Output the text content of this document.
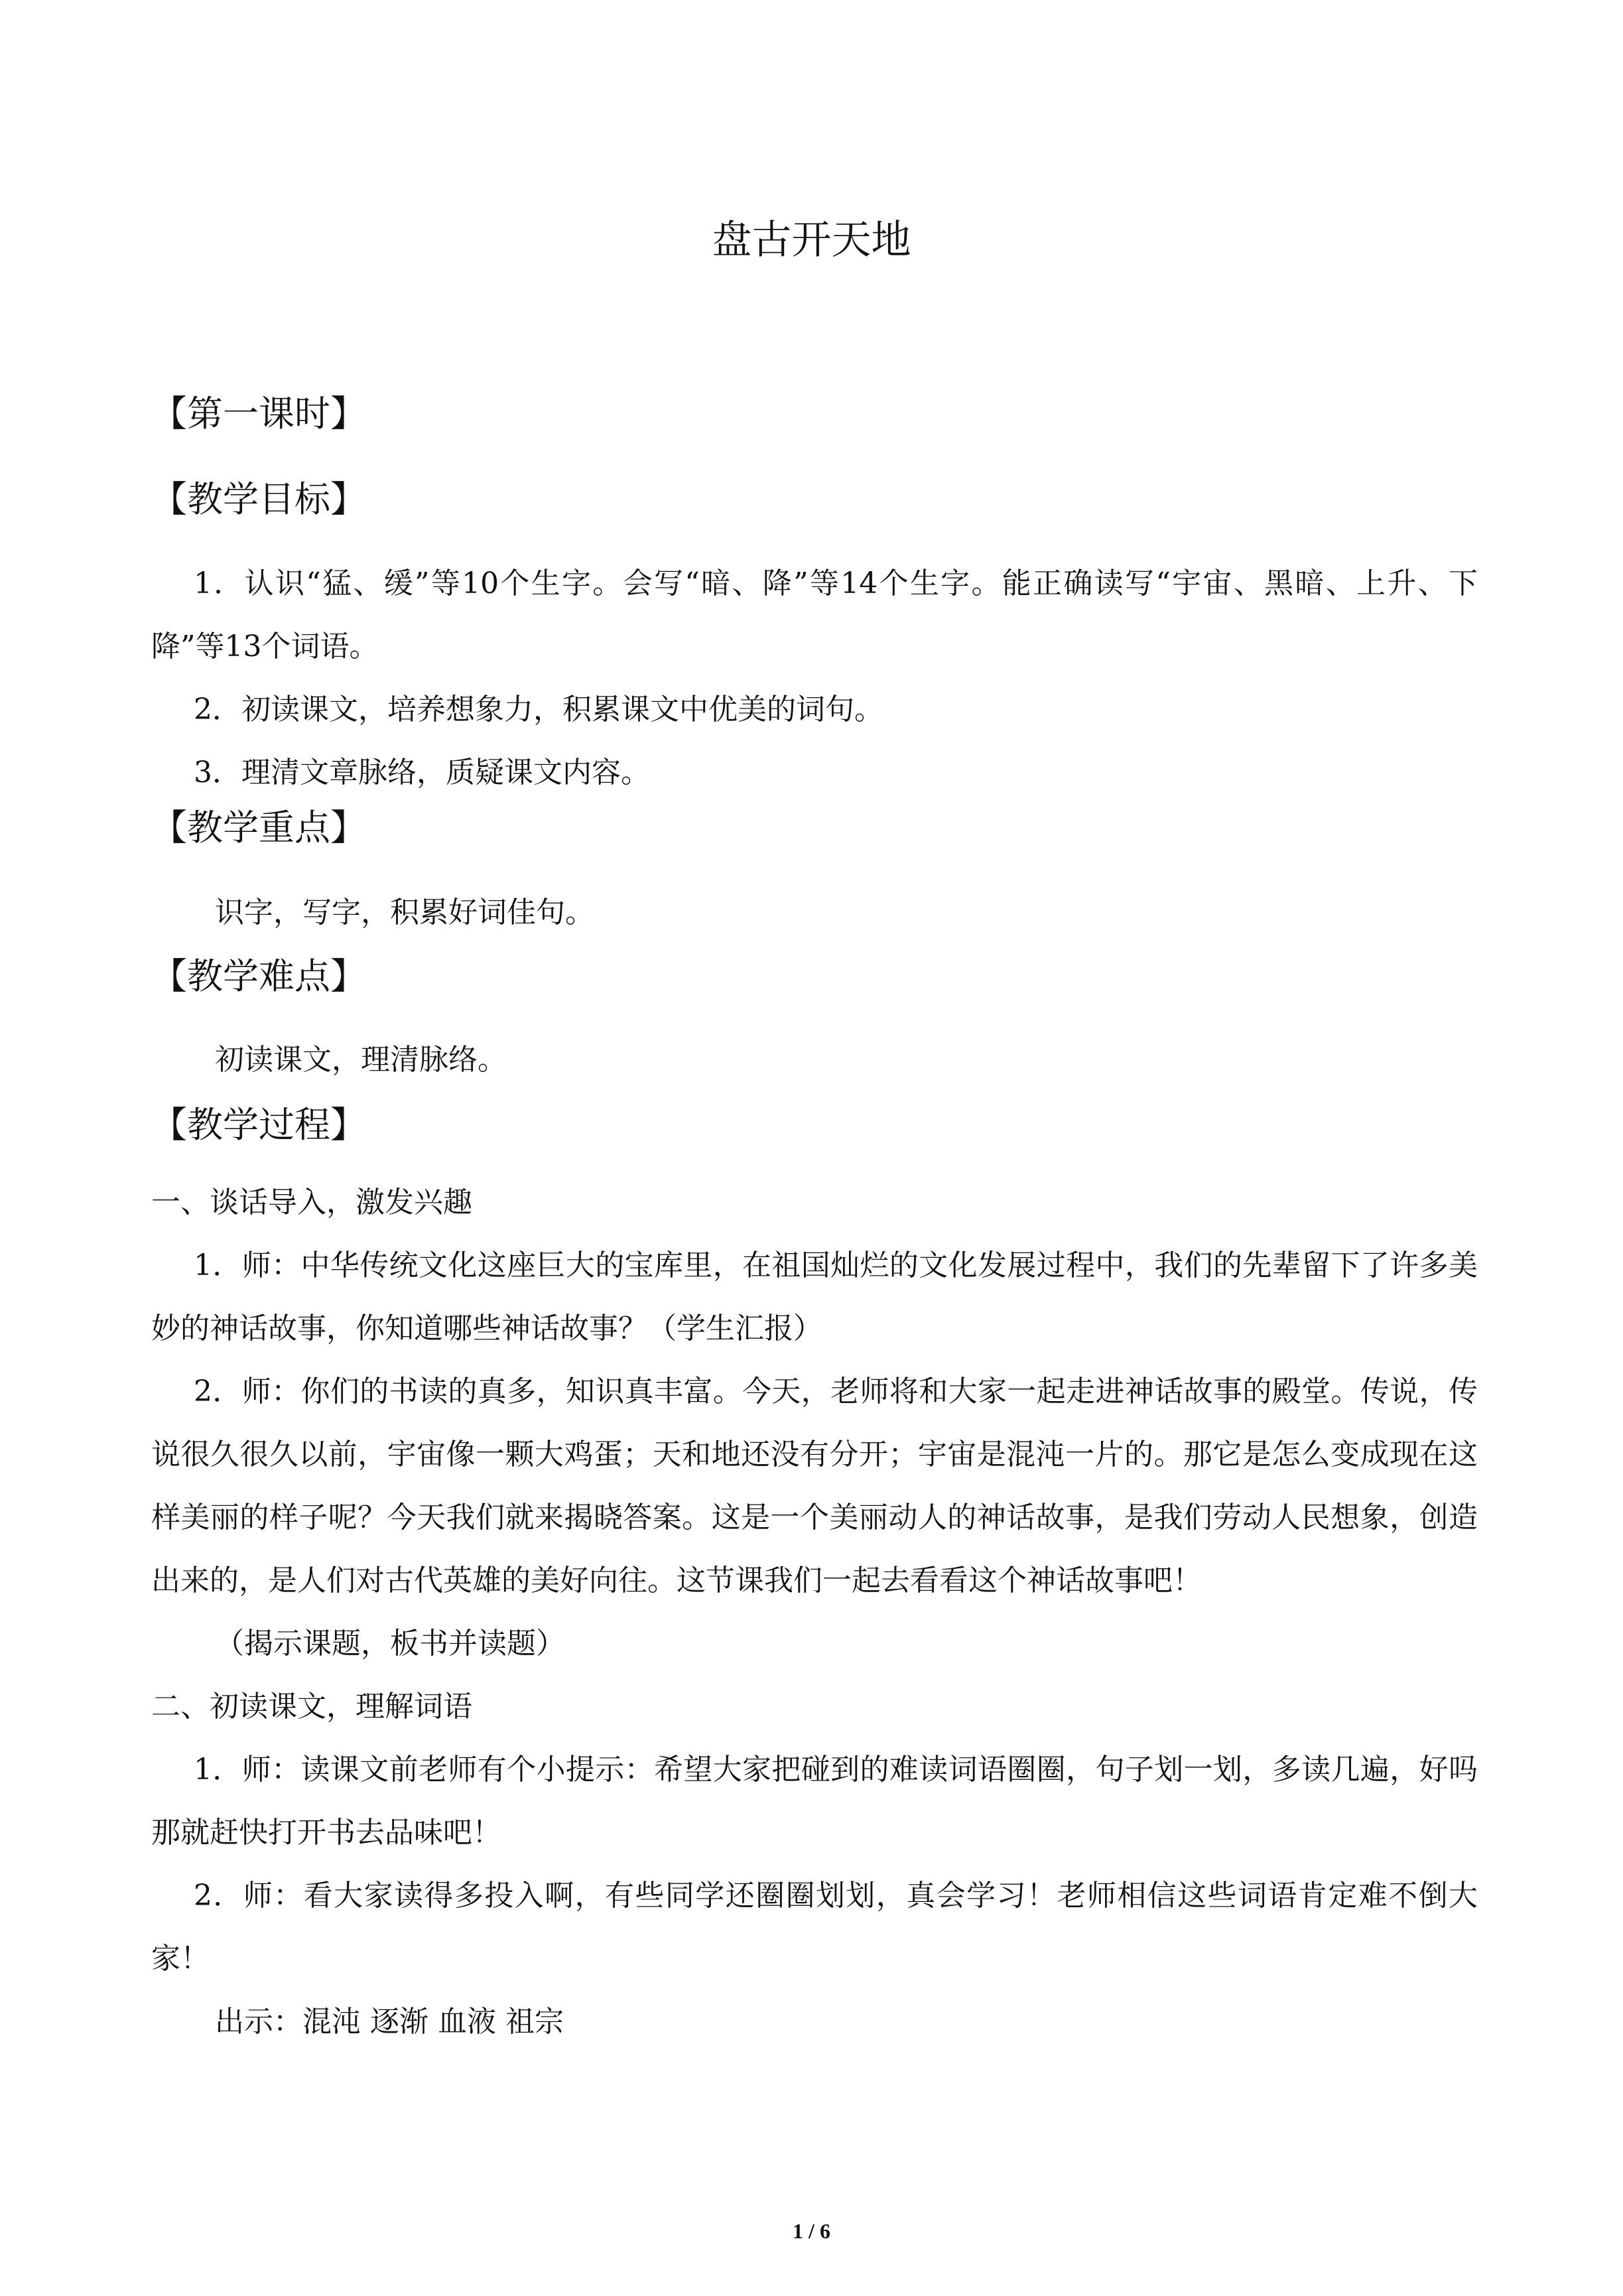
盘古开天地
【第一课时】
【教学目标】

1．认识“猛、缓”等10个生字。会写“暗、降”等14个生字。能正确读写“宇宙、黑暗、上升、下降”等13个词语。

2．初读课文，培养想象力，积累课文中优美的词句。

3．理清文章脉络，质疑课文内容。

【教学重点】

识字，写字，积累好词佳句。

【教学难点】

初读课文，理清脉络。

【教学过程】

一、谈话导入，激发兴趣

1．师：中华传统文化这座巨大的宝库里，在祖国灿烂的文化发展过程中，我们的先辈留下了许多美妙的神话故事，你知道哪些神话故事？（学生汇报）

2．师：你们的书读的真多，知识真丰富。今天，老师将和大家一起走进神话故事的殿堂。传说，传说很久很久以前，宇宙像一颗大鸡蛋；天和地还没有分开；宇宙是混沌一片的。那它是怎么变成现在这样美丽的样子呢？今天我们就来揭晓答案。这是一个美丽动人的神话故事，是我们劳动人民想象，创造出来的，是人们对古代英雄的美好向往。这节课我们一起去看看这个神话故事吧！

（揭示课题，板书并读题）

二、初读课文，理解词语

1．师：读课文前老师有个小提示：希望大家把碰到的难读词语圈圈，句子划一划，多读几遍，好吗 那就赶快打开书去品味吧！

2．师：看大家读得多投入啊，有些同学还圈圈划划，真会学习！老师相信这些词语肯定难不倒大家！

出示：混沌 逐渐 血液 祖宗

1 / 6
